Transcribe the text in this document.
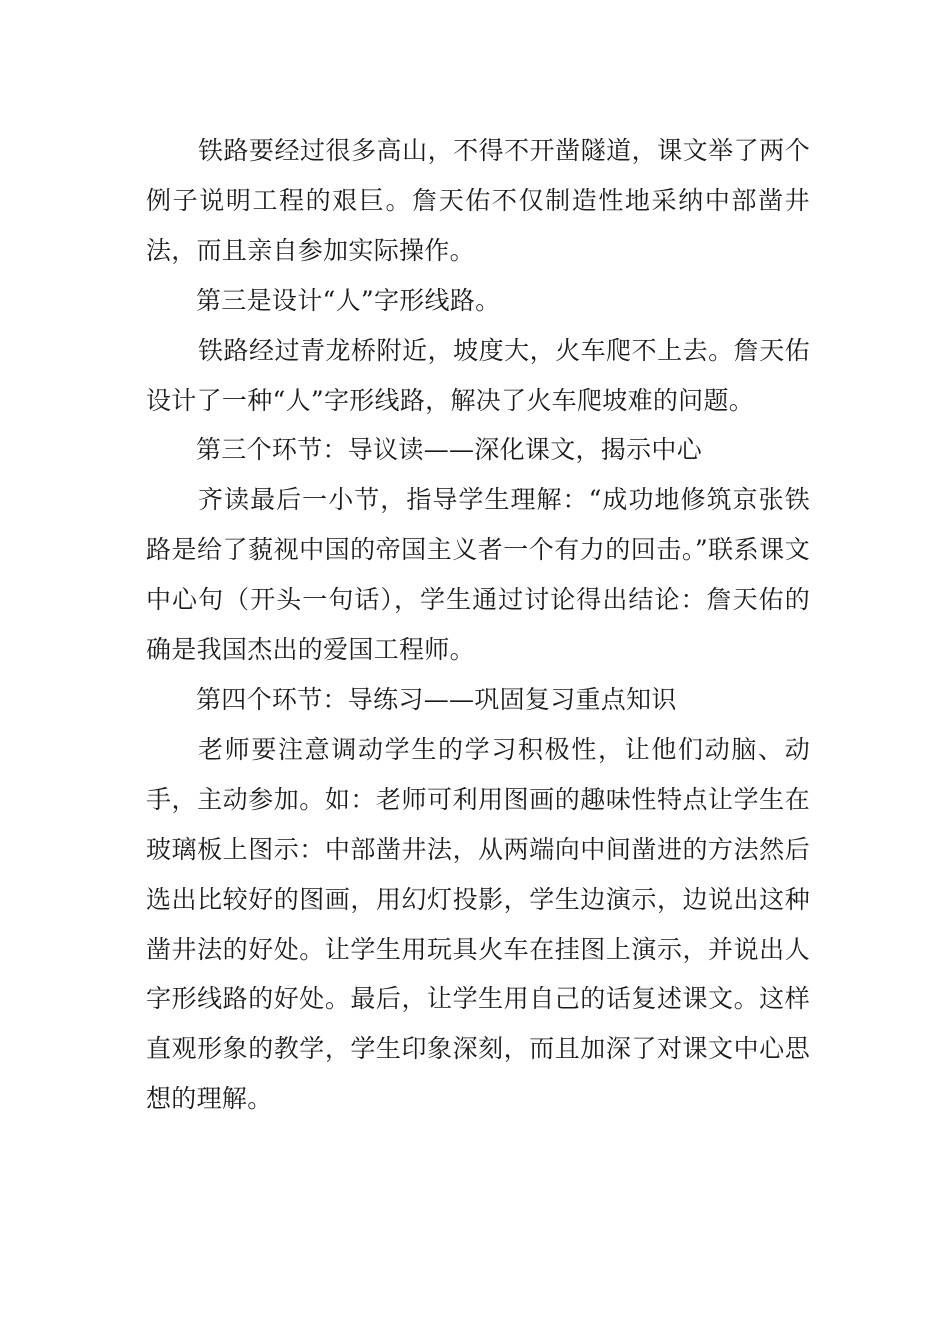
铁路要经过很多高山，不得不开凿隧道，课文举了两个例子说明工程的艰巨。詹天佑不仅制造性地采纳中部凿井法，而且亲自参加实际操作。

第三是设计“人”字形线路。

铁路经过青龙桥附近，坡度大，火车爬不上去。詹天佑设计了一种“人”字形线路，解决了火车爬坡难的问题。

第三个环节：导议读——深化课文，揭示中心

齐读最后一小节，指导学生理解：“成功地修筑京张铁路是给了藐视中国的帝国主义者一个有力的回击。”联系课文中心句（开头一句话），学生通过讨论得出结论：詹天佑的确是我国杰出的爱国工程师。

第四个环节：导练习——巩固复习重点知识

老师要注意调动学生的学习积极性，让他们动脑、动手，主动参加。如：老师可利用图画的趣味性特点让学生在玻璃板上图示：中部凿井法，从两端向中间凿进的方法然后选出比较好的图画，用幻灯投影，学生边演示，边说出这种凿井法的好处。让学生用玩具火车在挂图上演示，并说出人字形线路的好处。最后，让学生用自己的话复述课文。这样直观形象的教学，学生印象深刻，而且加深了对课文中心思想的理解。
